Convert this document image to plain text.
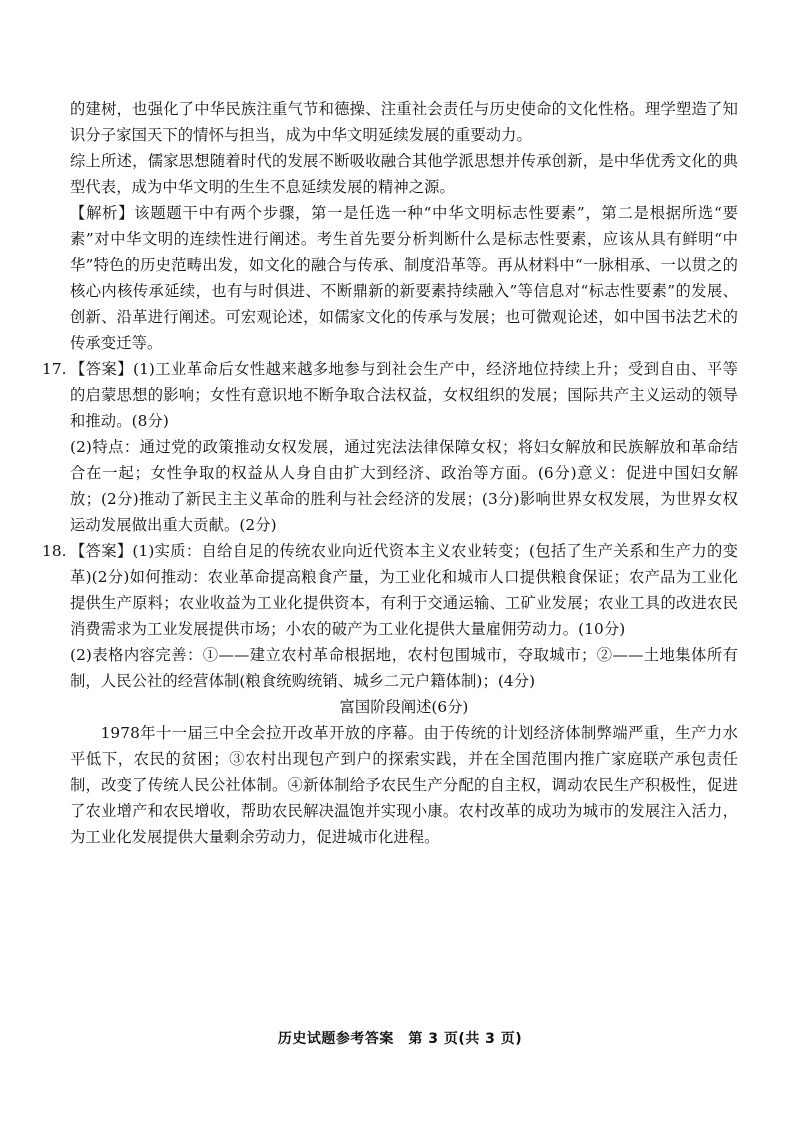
的建树，也强化了中华民族注重气节和德操、注重社会责任与历史使命的文化性格。理学塑造了知识分子家国天下的情怀与担当，成为中华文明延续发展的重要动力。

综上所述，儒家思想随着时代的发展不断吸收融合其他学派思想并传承创新，是中华优秀文化的典型代表，成为中华文明的生生不息延续发展的精神之源。

【解析】该题题干中有两个步骤，第一是任选一种“中华文明标志性要素”，第二是根据所选“要素”对中华文明的连续性进行阐述。考生首先要分析判断什么是标志性要素，应该从具有鲜明“中华”特色的历史范畴出发，如文化的融合与传承、制度沿革等。再从材料中“一脉相承、一以贯之的核心内核传承延续，也有与时俱进、不断鼎新的新要素持续融入”等信息对“标志性要素”的发展、创新、沿革进行阐述。可宏观论述，如儒家文化的传承与发展；也可微观论述，如中国书法艺术的传承变迁等。

17. 【答案】(1)工业革命后女性越来越多地参与到社会生产中，经济地位持续上升；受到自由、平等的启蒙思想的影响；女性有意识地不断争取合法权益，女权组织的发展；国际共产主义运动的领导和推动。(8分)

(2)特点：通过党的政策推动女权发展，通过宪法法律保障女权；将妇女解放和民族解放和革命结合在一起；女性争取的权益从人身自由扩大到经济、政治等方面。(6分)意义：促进中国妇女解放；(2分)推动了新民主主义革命的胜利与社会经济的发展；(3分)影响世界女权发展，为世界女权运动发展做出重大贡献。(2分)

18. 【答案】(1)实质：自给自足的传统农业向近代资本主义农业转变；(包括了生产关系和生产力的变革)(2分)如何推动：农业革命提高粮食产量，为工业化和城市人口提供粮食保证；农产品为工业化提供生产原料；农业收益为工业化提供资本，有利于交通运输、工矿业发展；农业工具的改进农民消费需求为工业发展提供市场；小农的破产为工业化提供大量雇佣劳动力。(10分)

(2)表格内容完善：①——建立农村革命根据地，农村包围城市，夺取城市；②——土地集体所有制，人民公社的经营体制(粮食统购统销、城乡二元户籍体制)；(4分)

富国阶段阐述(6分)

1978年十一届三中全会拉开改革开放的序幕。由于传统的计划经济体制弊端严重，生产力水平低下，农民的贫困；③农村出现包产到户的探索实践，并在全国范围内推广家庭联产承包责任制，改变了传统人民公社体制。④新体制给予农民生产分配的自主权，调动农民生产积极性，促进了农业增产和农民增收，帮助农民解决温饱并实现小康。农村改革的成功为城市的发展注入活力，为工业化发展提供大量剩余劳动力，促进城市化进程。

历史试题参考答案　第 3 页(共 3 页)
